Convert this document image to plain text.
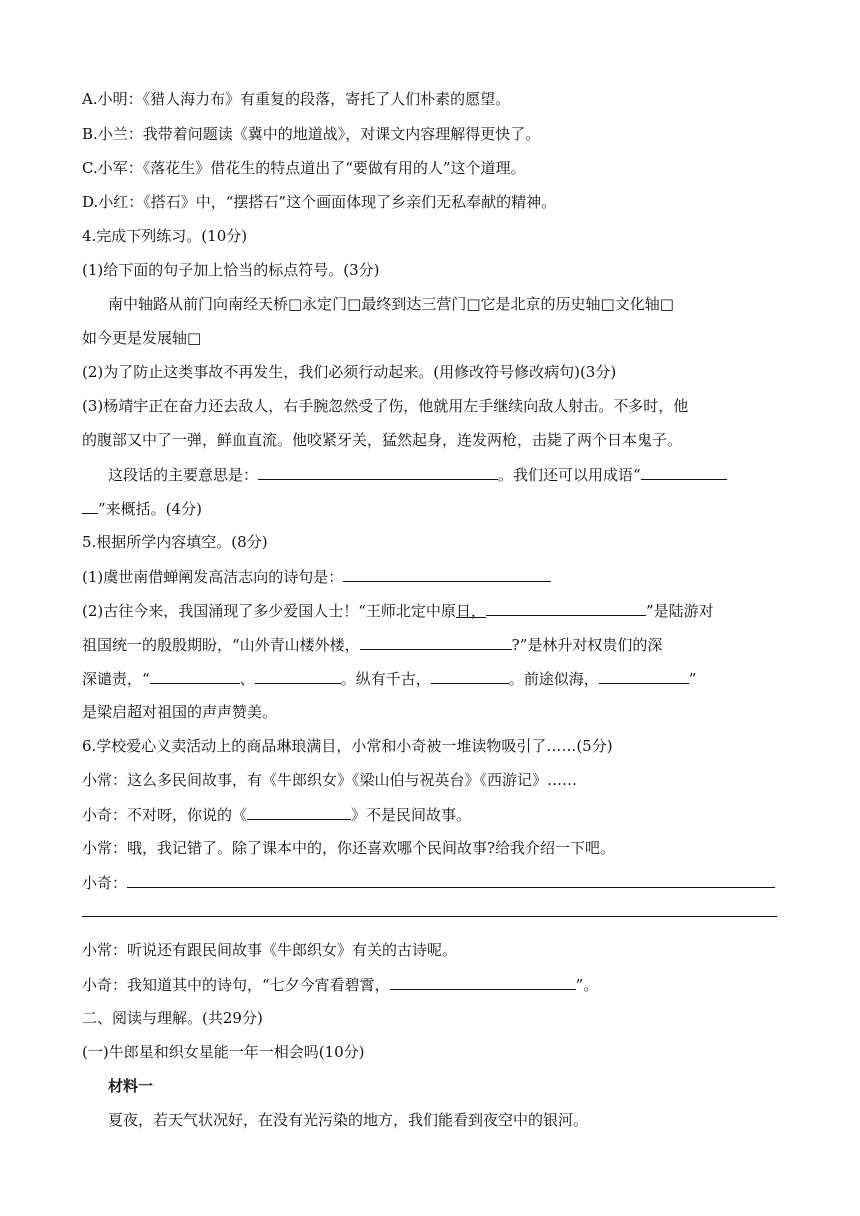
A.小明：《猎人海力布》有重复的段落，寄托了人们朴素的愿望。
B.小兰：我带着问题读《冀中的地道战》，对课文内容理解得更快了。
C.小军：《落花生》借花生的特点道出了“要做有用的人”这个道理。
D.小红：《搭石》中，“摆搭石”这个画面体现了乡亲们无私奉献的精神。
4.完成下列练习。(10分)
(1)给下面的句子加上恰当的标点符号。(3分)
南中轴路从前门向南经天桥□永定门□最终到达三营门□它是北京的历史轴□文化轴□
如今更是发展轴□
(2)为了防止这类事故不再发生，我们必须行动起来。(用修改符号修改病句)(3分)
(3)杨靖宇正在奋力还去敌人，右手腕忽然受了伤，他就用左手继续向敌人射击。不多时，他
的腹部又中了一弹，鲜血直流。他咬紧牙关，猛然起身，连发两枪，击毙了两个日本鬼子。
这段话的主要意思是：	。我们还可以用成语“
”来概括。(4分)
5.根据所学内容填空。(8分)
(1)虞世南借蝉阐发高洁志向的诗句是：
(2)古往今来，我国涌现了多少爱国人士！“王师北定中原日，	”是陆游对
祖国统一的殷殷期盼，“山外青山楼外楼，	?”是林升对权贵们的深
深谴责，“	、	。纵有千古，	。前途似海，	”
是梁启超对祖国的声声赞美。
6.学校爱心义卖活动上的商品琳琅满目，小常和小奇被一堆读物吸引了……(5分)
小常：这么多民间故事，有《牛郎织女》《梁山伯与祝英台》《西游记》……
小奇：不对呀，你说的《	》不是民间故事。
小常：哦，我记错了。除了课本中的，你还喜欢哪个民间故事?给我介绍一下吧。
小奇：
小常：听说还有跟民间故事《牛郎织女》有关的古诗呢。
小奇：我知道其中的诗句，“七夕今宵看碧霄，	”。
二、阅读与理解。(共29分)
(一)牛郎星和织女星能一年一相会吗(10分)
材料一
夏夜，若天气状况好，在没有光污染的地方，我们能看到夜空中的银河。
